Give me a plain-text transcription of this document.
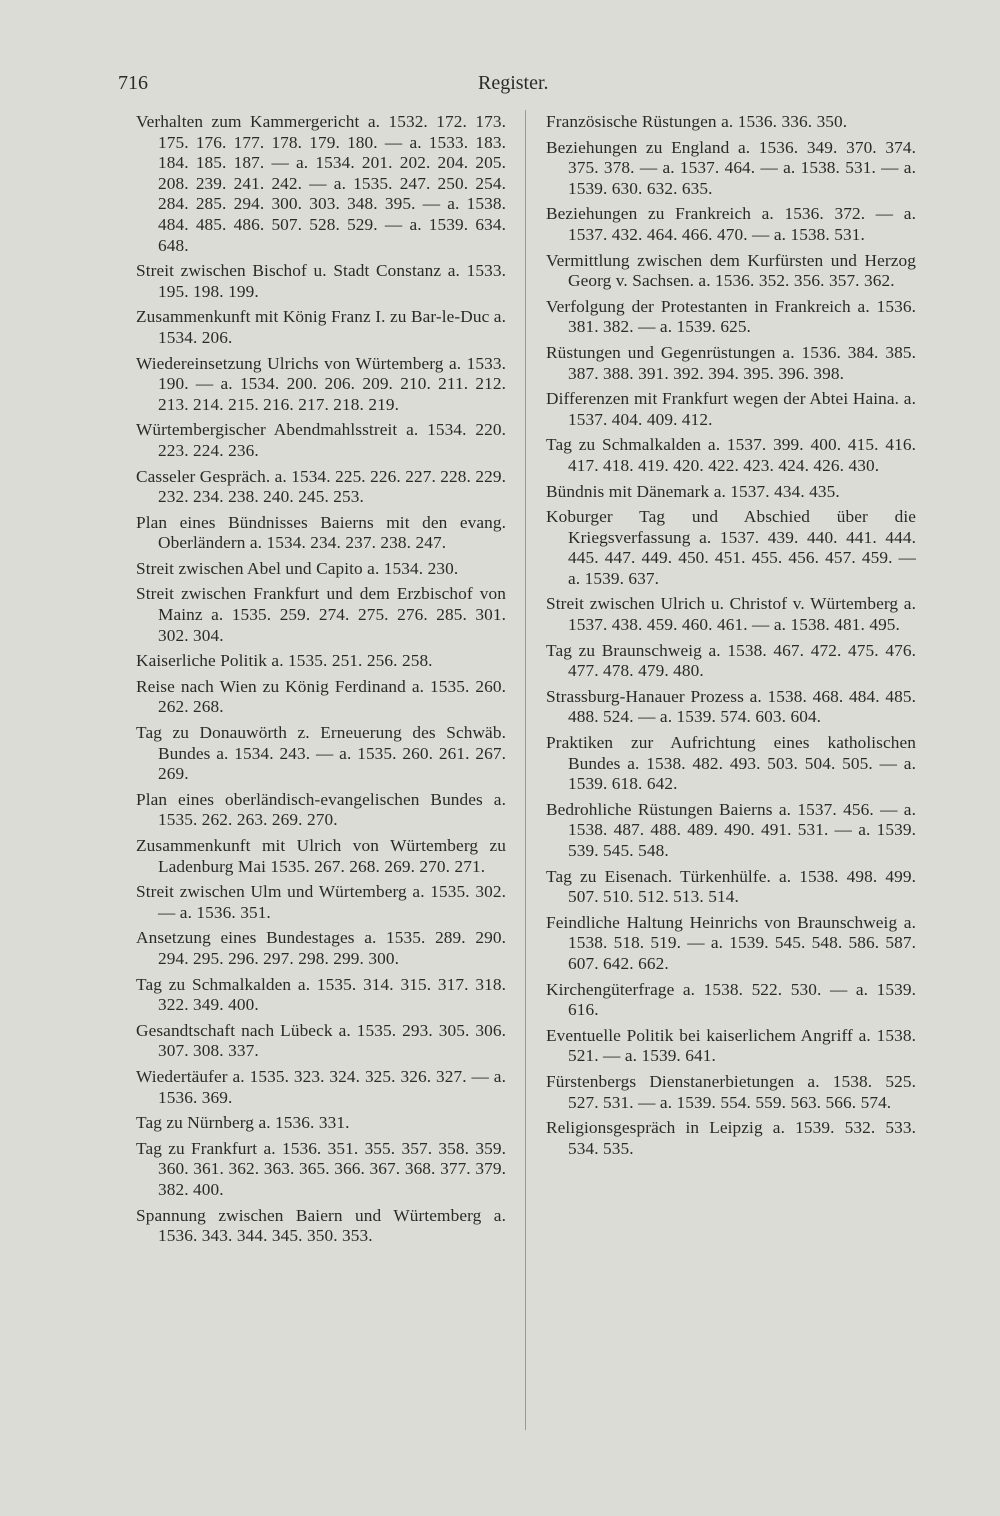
716	Register.
Verhalten zum Kammergericht a. 1532. 172. 173. 175. 176. 177. 178. 179. 180. — a. 1533. 183. 184. 185. 187. — a. 1534. 201. 202. 204. 205. 208. 239. 241. 242. — a. 1535. 247. 250. 254. 284. 285. 294. 300. 303. 348. 395. — a. 1538. 484. 485. 486. 507. 528. 529. — a. 1539. 634. 648.
Streit zwischen Bischof u. Stadt Constanz a. 1533. 195. 198. 199.
Zusammenkunft mit König Franz I. zu Bar-le-Duc a. 1534. 206.
Wiedereinsetzung Ulrichs von Würtemberg a. 1533. 190. — a. 1534. 200. 206. 209. 210. 211. 212. 213. 214. 215. 216. 217. 218. 219.
Würtembergischer Abendmahlsstreit a. 1534. 220. 223. 224. 236.
Casseler Gespräch. a. 1534. 225. 226. 227. 228. 229. 232. 234. 238. 240. 245. 253.
Plan eines Bündnisses Baierns mit den evang. Oberländern a. 1534. 234. 237. 238. 247.
Streit zwischen Abel und Capito a. 1534. 230.
Streit zwischen Frankfurt und dem Erzbischof von Mainz a. 1535. 259. 274. 275. 276. 285. 301. 302. 304.
Kaiserliche Politik a. 1535. 251. 256. 258.
Reise nach Wien zu König Ferdinand a. 1535. 260. 262. 268.
Tag zu Donauwörth z. Erneuerung des Schwäb. Bundes a. 1534. 243. — a. 1535. 260. 261. 267. 269.
Plan eines oberländisch-evangelischen Bundes a. 1535. 262. 263. 269. 270.
Zusammenkunft mit Ulrich von Würtemberg zu Ladenburg Mai 1535. 267. 268. 269. 270. 271.
Streit zwischen Ulm und Würtemberg a. 1535. 302. — a. 1536. 351.
Ansetzung eines Bundestages a. 1535. 289. 290. 294. 295. 296. 297. 298. 299. 300.
Tag zu Schmalkalden a. 1535. 314. 315. 317. 318. 322. 349. 400.
Gesandtschaft nach Lübeck a. 1535. 293. 305. 306. 307. 308. 337.
Wiedertäufer a. 1535. 323. 324. 325. 326. 327. — a. 1536. 369.
Tag zu Nürnberg a. 1536. 331.
Tag zu Frankfurt a. 1536. 351. 355. 357. 358. 359. 360. 361. 362. 363. 365. 366. 367. 368. 377. 379. 382. 400.
Spannung zwischen Baiern und Würtemberg a. 1536. 343. 344. 345. 350. 353.
Französische Rüstungen a. 1536. 336. 350.
Beziehungen zu England a. 1536. 349. 370. 374. 375. 378. — a. 1537. 464. — a. 1538. 531. — a. 1539. 630. 632. 635.
Beziehungen zu Frankreich a. 1536. 372. — a. 1537. 432. 464. 466. 470. — a. 1538. 531.
Vermittlung zwischen dem Kurfürsten und Herzog Georg v. Sachsen. a. 1536. 352. 356. 357. 362.
Verfolgung der Protestanten in Frankreich a. 1536. 381. 382. — a. 1539. 625.
Rüstungen und Gegenrüstungen a. 1536. 384. 385. 387. 388. 391. 392. 394. 395. 396. 398.
Differenzen mit Frankfurt wegen der Abtei Haina. a. 1537. 404. 409. 412.
Tag zu Schmalkalden a. 1537. 399. 400. 415. 416. 417. 418. 419. 420. 422. 423. 424. 426. 430.
Bündnis mit Dänemark a. 1537. 434. 435.
Koburger Tag und Abschied über die Kriegsverfassung a. 1537. 439. 440. 441. 444. 445. 447. 449. 450. 451. 455. 456. 457. 459. — a. 1539. 637.
Streit zwischen Ulrich u. Christof v. Würtemberg a. 1537. 438. 459. 460. 461. — a. 1538. 481. 495.
Tag zu Braunschweig a. 1538. 467. 472. 475. 476. 477. 478. 479. 480.
Strassburg-Hanauer Prozess a. 1538. 468. 484. 485. 488. 524. — a. 1539. 574. 603. 604.
Praktiken zur Aufrichtung eines katholischen Bundes a. 1538. 482. 493. 503. 504. 505. — a. 1539. 618. 642.
Bedrohliche Rüstungen Baierns a. 1537. 456. — a. 1538. 487. 488. 489. 490. 491. 531. — a. 1539. 539. 545. 548.
Tag zu Eisenach. Türkenhülfe. a. 1538. 498. 499. 507. 510. 512. 513. 514.
Feindliche Haltung Heinrichs von Braunschweig a. 1538. 518. 519. — a. 1539. 545. 548. 586. 587. 607. 642. 662.
Kirchengüterfrage a. 1538. 522. 530. — a. 1539. 616.
Eventuelle Politik bei kaiserlichem Angriff a. 1538. 521. — a. 1539. 641.
Fürstenbergs Dienstanerbietungen a. 1538. 525. 527. 531. — a. 1539. 554. 559. 563. 566. 574.
Religionsgespräch in Leipzig a. 1539. 532. 533. 534. 535.
